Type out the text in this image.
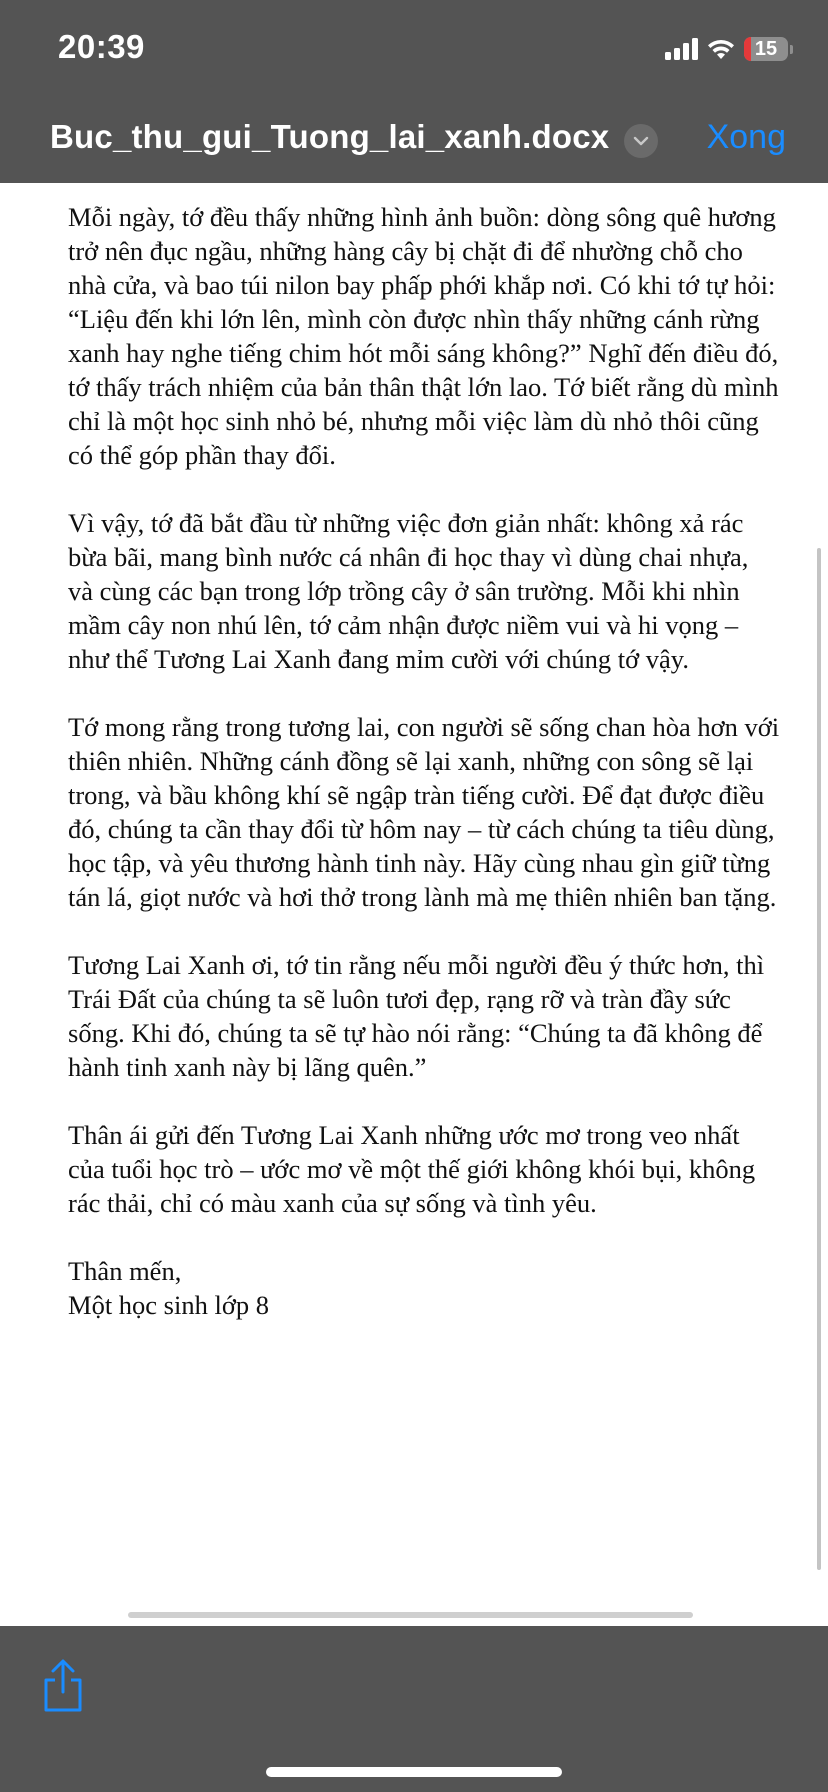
20:39	15
Buc_thu_gui_Tuong_lai_xanh.docx	Xong

Mỗi ngày, tớ đều thấy những hình ảnh buồn: dòng sông quê hương trở nên đục ngầu, những hàng cây bị chặt đi để nhường chỗ cho nhà cửa, và bao túi nilon bay phấp phới khắp nơi. Có khi tớ tự hỏi: “Liệu đến khi lớn lên, mình còn được nhìn thấy những cánh rừng xanh hay nghe tiếng chim hót mỗi sáng không?” Nghĩ đến điều đó, tớ thấy trách nhiệm của bản thân thật lớn lao. Tớ biết rằng dù mình chỉ là một học sinh nhỏ bé, nhưng mỗi việc làm dù nhỏ thôi cũng có thể góp phần thay đổi.

Vì vậy, tớ đã bắt đầu từ những việc đơn giản nhất: không xả rác bừa bãi, mang bình nước cá nhân đi học thay vì dùng chai nhựa, và cùng các bạn trong lớp trồng cây ở sân trường. Mỗi khi nhìn mầm cây non nhú lên, tớ cảm nhận được niềm vui và hi vọng – như thể Tương Lai Xanh đang mỉm cười với chúng tớ vậy.

Tớ mong rằng trong tương lai, con người sẽ sống chan hòa hơn với thiên nhiên. Những cánh đồng sẽ lại xanh, những con sông sẽ lại trong, và bầu không khí sẽ ngập tràn tiếng cười. Để đạt được điều đó, chúng ta cần thay đổi từ hôm nay – từ cách chúng ta tiêu dùng, học tập, và yêu thương hành tinh này. Hãy cùng nhau gìn giữ từng tán lá, giọt nước và hơi thở trong lành mà mẹ thiên nhiên ban tặng.

Tương Lai Xanh ơi, tớ tin rằng nếu mỗi người đều ý thức hơn, thì Trái Đất của chúng ta sẽ luôn tươi đẹp, rạng rỡ và tràn đầy sức sống. Khi đó, chúng ta sẽ tự hào nói rằng: “Chúng ta đã không để hành tinh xanh này bị lãng quên.”

Thân ái gửi đến Tương Lai Xanh những ước mơ trong veo nhất của tuổi học trò – ước mơ về một thế giới không khói bụi, không rác thải, chỉ có màu xanh của sự sống và tình yêu.

Thân mến,

Một học sinh lớp 8
